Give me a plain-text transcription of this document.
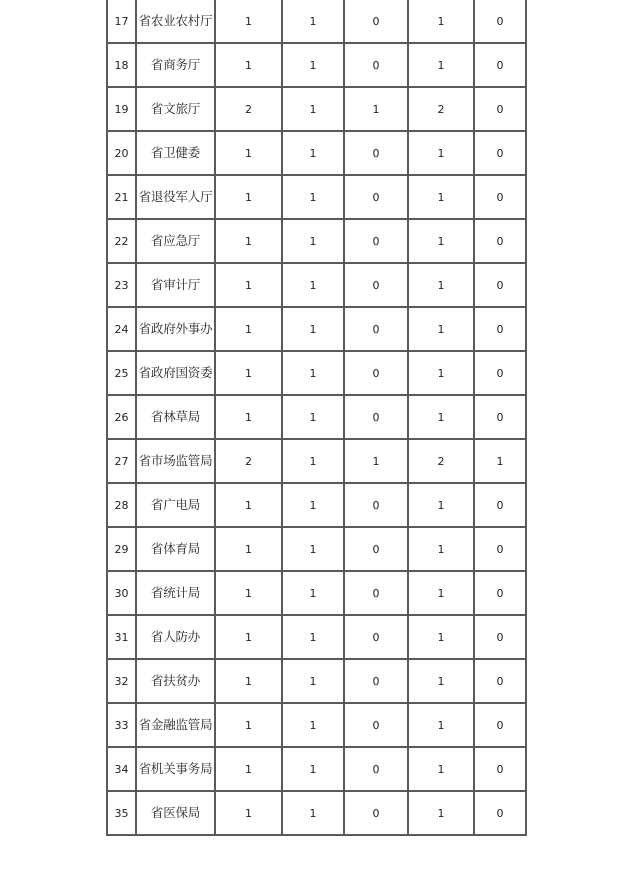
17	省农业农村厅	1	1	0	1	0
18	省商务厅	1	1	0	1	0
19	省文旅厅	2	1	1	2	0
20	省卫健委	1	1	0	1	0
21	省退役军人厅	1	1	0	1	0
22	省应急厅	1	1	0	1	0
23	省审计厅	1	1	0	1	0
24	省政府外事办	1	1	0	1	0
25	省政府国资委	1	1	0	1	0
26	省林草局	1	1	0	1	0
27	省市场监管局	2	1	1	2	1
28	省广电局	1	1	0	1	0
29	省体育局	1	1	0	1	0
30	省统计局	1	1	0	1	0
31	省人防办	1	1	0	1	0
32	省扶贫办	1	1	0	1	0
33	省金融监管局	1	1	0	1	0
34	省机关事务局	1	1	0	1	0
35	省医保局	1	1	0	1	0
